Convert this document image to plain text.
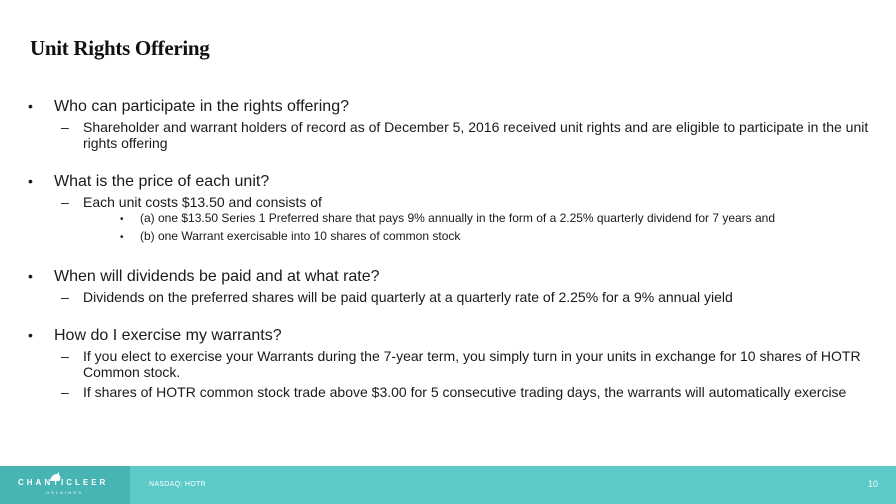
Unit Rights Offering
•	Who can participate in the rights offering?
–	Shareholder and warrant holders of record as of December 5, 2016 received unit rights and are eligible to participate in the unit rights offering
•	What is the price of each unit?
–	Each unit costs $13.50 and consists of
•	(a) one $13.50 Series 1 Preferred share that pays 9% annually in the form of a 2.25% quarterly dividend for 7 years and
•	(b) one Warrant exercisable into 10 shares of common stock
•	When will dividends be paid and at what rate?
–	Dividends on the preferred shares will be paid quarterly at a quarterly rate of 2.25% for a 9% annual yield
•	How do I exercise my warrants?
–	If you elect to exercise your Warrants during the 7-year term, you simply turn in your units in exchange for 10 shares of HOTR Common stock.
–	If shares of HOTR common stock trade above $3.00 for 5 consecutive trading days, the warrants will automatically exercise
CHANTICLEER
HOLDINGS
NASDAQ: HOTR	10
